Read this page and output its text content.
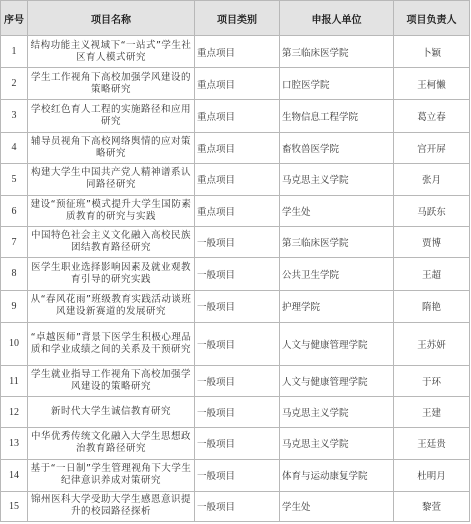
序号	项目名称	项目类别	申报人单位	项目负责人
1	结构功能主义视域下“一站式”学生社区育人模式研究	重点项目	第三临床医学院	卜颖
2	学生工作视角下高校加强学风建设的策略研究	重点项目	口腔医学院	王柯懒
3	学校红色育人工程的实施路径和应用研究	重点项目	生物信息工程学院	葛立春
4	辅导员视角下高校网络舆情的应对策略研究	重点项目	畜牧兽医学院	宫开屏
5	构建大学生中国共产党人精神谱系认同路径研究	重点项目	马克思主义学院	张月
6	建设“预征班”模式提升大学生国防素质教育的研究与实践	重点项目	学生处	马跃东
7	中国特色社会主义文化融入高校民族团结教育路径研究	一般项目	第三临床医学院	贾博
8	医学生职业选择影响因素及就业观教育引导的研究实践	一般项目	公共卫生学院	王超
9	从“春风花雨”班级教育实践活动谈班风建设新赛道的发展研究	一般项目	护理学院	隋艳
10	“卓越医师”背景下医学生积极心理品质和学业成绩之间的关系及干预研究	一般项目	人文与健康管理学院	王苏妍
11	学生就业指导工作视角下高校加强学风建设的策略研究	一般项目	人文与健康管理学院	于环
12	新时代大学生诚信教育研究	一般项目	马克思主义学院	王建
13	中华优秀传统文化融入大学生思想政治教育路径研究	一般项目	马克思主义学院	王廷贵
14	基于“一日制”学生管理视角下大学生纪律意识养成对策研究	一般项目	体育与运动康复学院	杜明月
15	锦州医科大学受助大学生感恩意识提升的校园路径探析	一般项目	学生处	黎萱
